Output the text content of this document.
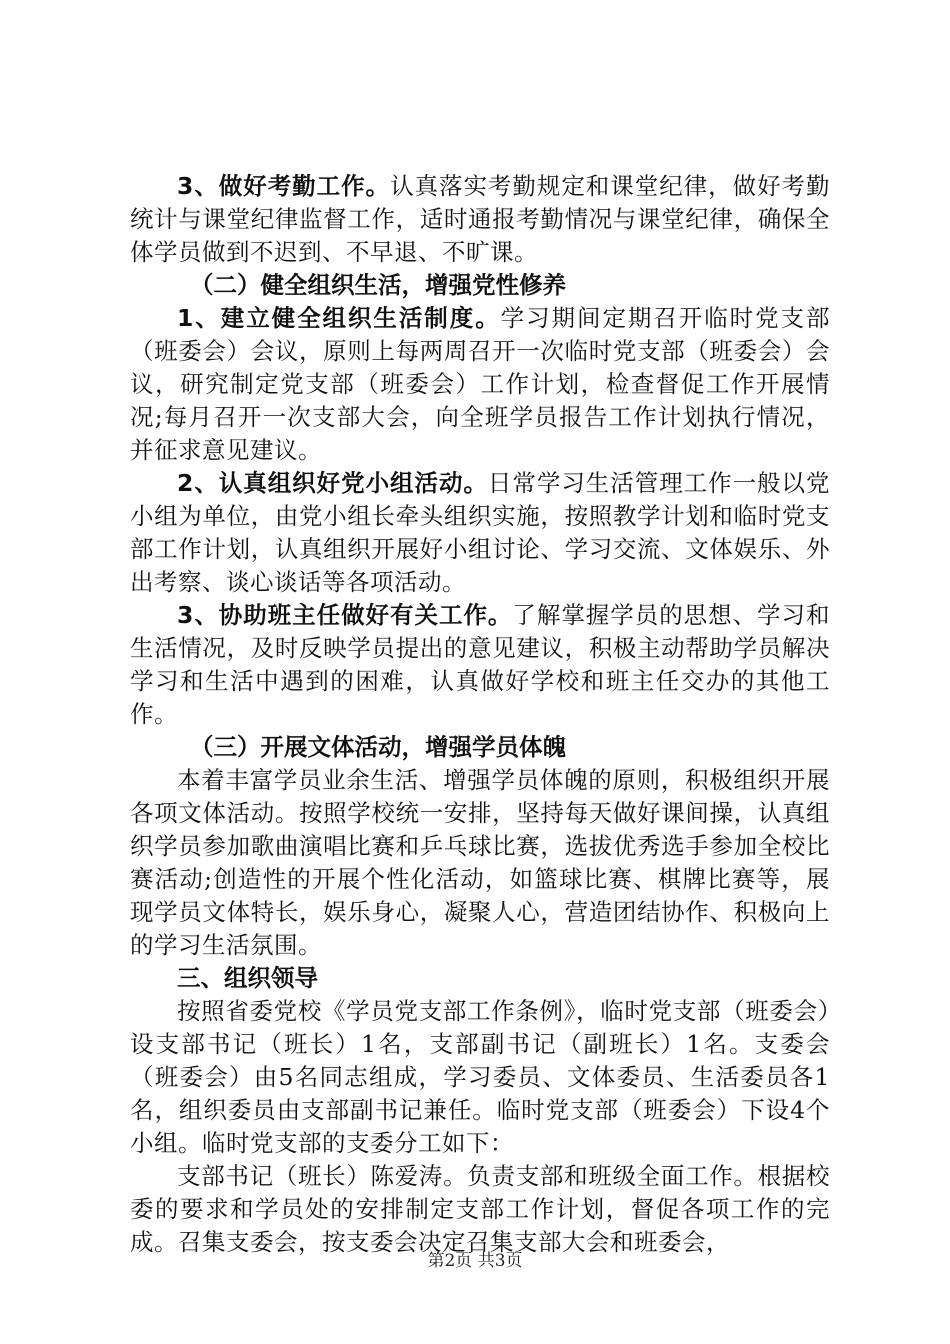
3、做好考勤工作。认真落实考勤规定和课堂纪律，做好考勤统计与课堂纪律监督工作，适时通报考勤情况与课堂纪律，确保全体学员做到不迟到、不早退、不旷课。

（二）健全组织生活，增强党性修养

1、建立健全组织生活制度。学习期间定期召开临时党支部（班委会）会议，原则上每两周召开一次临时党支部（班委会）会议，研究制定党支部（班委会）工作计划，检查督促工作开展情况;每月召开一次支部大会，向全班学员报告工作计划执行情况，并征求意见建议。

2、认真组织好党小组活动。日常学习生活管理工作一般以党小组为单位，由党小组长牵头组织实施，按照教学计划和临时党支部工作计划，认真组织开展好小组讨论、学习交流、文体娱乐、外出考察、谈心谈话等各项活动。

3、协助班主任做好有关工作。了解掌握学员的思想、学习和生活情况，及时反映学员提出的意见建议，积极主动帮助学员解决学习和生活中遇到的困难，认真做好学校和班主任交办的其他工作。

（三）开展文体活动，增强学员体魄

本着丰富学员业余生活、增强学员体魄的原则，积极组织开展各项文体活动。按照学校统一安排，坚持每天做好课间操，认真组织学员参加歌曲演唱比赛和乒乓球比赛，选拔优秀选手参加全校比赛活动;创造性的开展个性化活动，如篮球比赛、棋牌比赛等，展现学员文体特长，娱乐身心，凝聚人心，营造团结协作、积极向上的学习生活氛围。

三、组织领导

按照省委党校《学员党支部工作条例》，临时党支部（班委会）设支部书记（班长）1名，支部副书记（副班长）1名。支委会（班委会）由5名同志组成，学习委员、文体委员、生活委员各1名，组织委员由支部副书记兼任。临时党支部（班委会）下设4个小组。临时党支部的支委分工如下：

支部书记（班长）陈爱涛。负责支部和班级全面工作。根据校委的要求和学员处的安排制定支部工作计划，督促各项工作的完成。召集支委会，按支委会决定召集支部大会和班委会，

第2页 共3页
